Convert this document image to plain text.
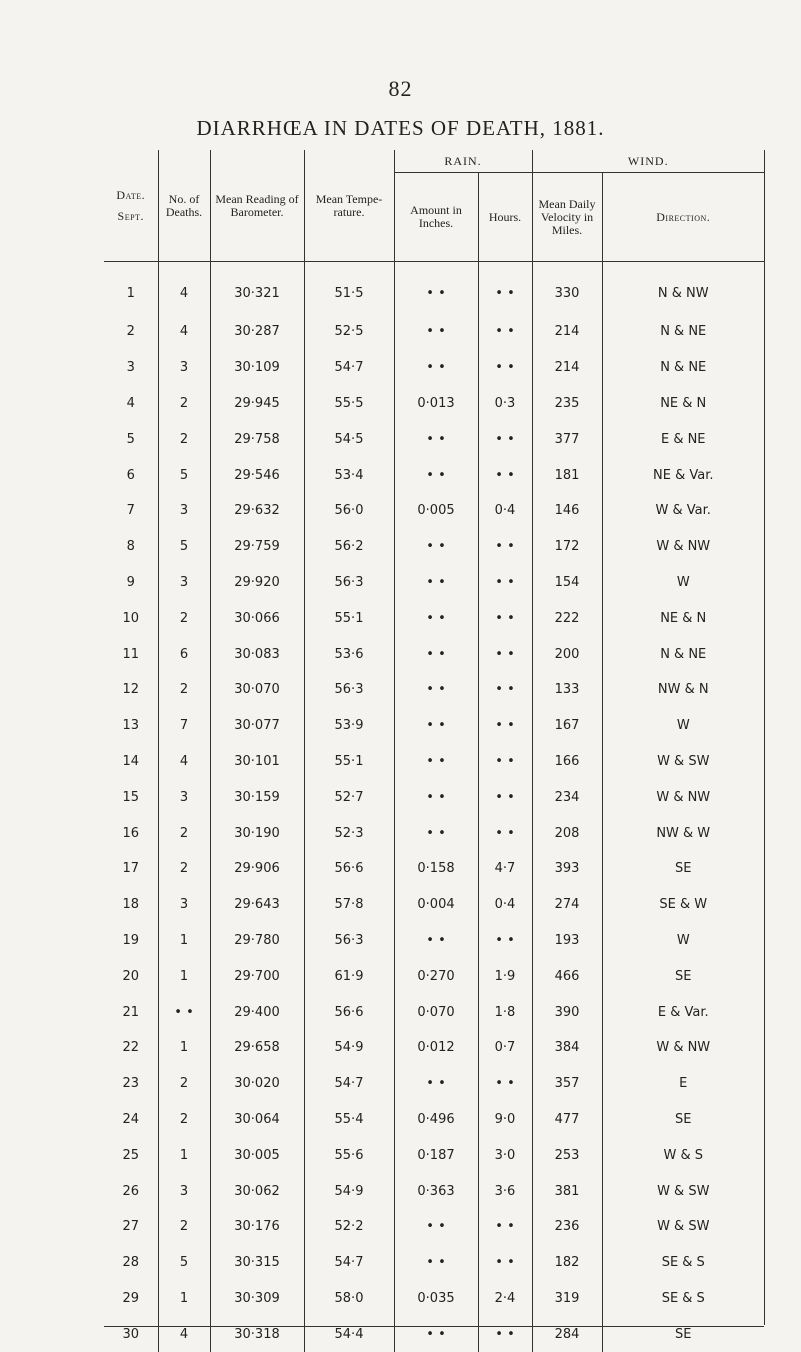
82
DIARRHŒA IN DATES OF DEATH, 1881.
Date.
Sept.	No. of Deaths.	Mean Reading of Barometer.	Mean Tempe- rature.	RAIN.		WIND.	
				Amount in Inches.	Hours.	Mean Daily Velocity in Miles.	Direction.
1	4	30·321	51·5	• •	• •	330	N & NW
2	4	30·287	52·5	• •	• •	214	N & NE
3	3	30·109	54·7	• •	• •	214	N & NE
4	2	29·945	55·5	0·013	0·3	235	NE & N
5	2	29·758	54·5	• •	• •	377	E & NE
6	5	29·546	53·4	• •	• •	181	NE & Var.
7	3	29·632	56·0	0·005	0·4	146	W & Var.
8	5	29·759	56·2	• •	• •	172	W & NW
9	3	29·920	56·3	• •	• •	154	W
10	2	30·066	55·1	• •	• •	222	NE & N
11	6	30·083	53·6	• •	• •	200	N & NE
12	2	30·070	56·3	• •	• •	133	NW & N
13	7	30·077	53·9	• •	• •	167	W
14	4	30·101	55·1	• •	• •	166	W & SW
15	3	30·159	52·7	• •	• •	234	W & NW
16	2	30·190	52·3	• •	• •	208	NW & W
17	2	29·906	56·6	0·158	4·7	393	SE
18	3	29·643	57·8	0·004	0·4	274	SE & W
19	1	29·780	56·3	• •	• •	193	W
20	1	29·700	61·9	0·270	1·9	466	SE
21	• •	29·400	56·6	0·070	1·8	390	E & Var.
22	1	29·658	54·9	0·012	0·7	384	W & NW
23	2	30·020	54·7	• •	• •	357	E
24	2	30·064	55·4	0·496	9·0	477	SE
25	1	30·005	55·6	0·187	3·0	253	W & S
26	3	30·062	54·9	0·363	3·6	381	W & SW
27	2	30·176	52·2	• •	• •	236	W & SW
28	5	30·315	54·7	• •	• •	182	SE & S
29	1	30·309	58·0	0·035	2·4	319	SE & S
30	4	30·318	54·4	• •	• •	284	SE
